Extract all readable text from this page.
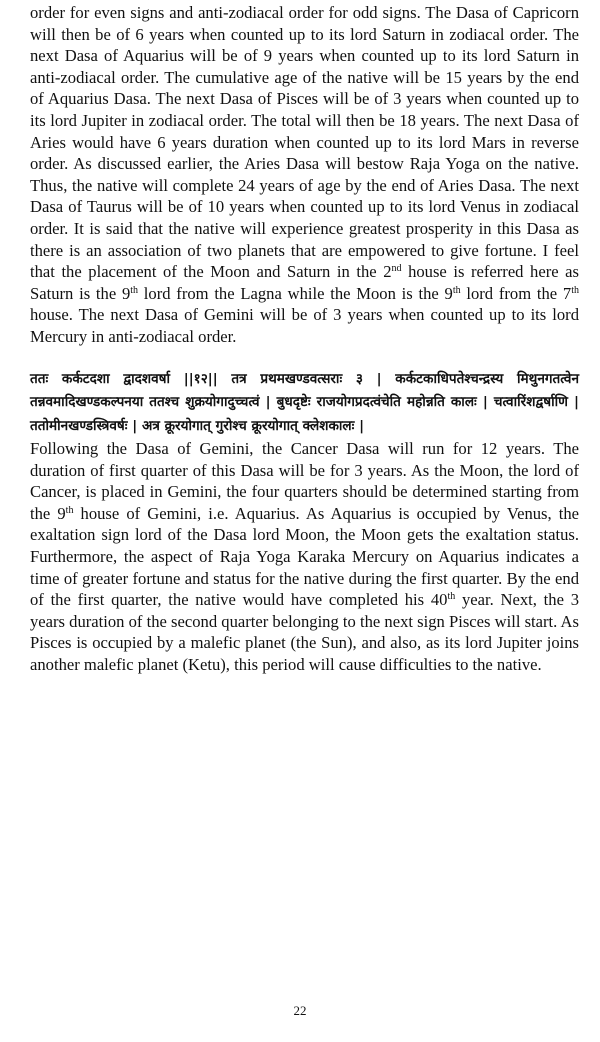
order for even signs and anti-zodiacal order for odd signs. The Dasa of Capricorn will then be of 6 years when counted up to its lord Saturn in zodiacal order. The next Dasa of Aquarius will be of 9 years when counted up to its lord Saturn in anti-zodiacal order. The cumulative age of the native will be 15 years by the end of Aquarius Dasa. The next Dasa of Pisces will be of 3 years when counted up to its lord Jupiter in zodiacal order. The total will then be 18 years. The next Dasa of Aries would have 6 years duration when counted up to its lord Mars in reverse order. As discussed earlier, the Aries Dasa will bestow Raja Yoga on the native. Thus, the native will complete 24 years of age by the end of Aries Dasa. The next Dasa of Taurus will be of 10 years when counted up to its lord Venus in zodiacal order. It is said that the native will experience greatest prosperity in this Dasa as there is an association of two planets that are empowered to give fortune. I feel that the placement of the Moon and Saturn in the 2nd house is referred here as Saturn is the 9th lord from the Lagna while the Moon is the 9th lord from the 7th house. The next Dasa of Gemini will be of 3 years when counted up to its lord Mercury in anti-zodiacal order.

ततः कर्कटदशा द्वादशवर्षा ||१२|| तत्र प्रथमखण्डवत्सराः ३ | कर्कटकाधिपतेश्चन्द्रस्य मिथुनगतत्वेन तन्नवमादिखण्डकल्पनया ततश्च शुक्रयोगादुच्चत्वं | बुधदृष्टेः राजयोगप्रदत्वंचेति महोन्नति कालः | चत्वारिंशद्वर्षाणि | ततोमीनखण्डस्त्रिवर्षः | अत्र क्रूरयोगात् गुरोश्च क्रूरयोगात् क्लेशकालः |

Following the Dasa of Gemini, the Cancer Dasa will run for 12 years. The duration of first quarter of this Dasa will be for 3 years. As the Moon, the lord of Cancer, is placed in Gemini, the four quarters should be determined starting from the 9th house of Gemini, i.e. Aquarius. As Aquarius is occupied by Venus, the exaltation sign lord of the Dasa lord Moon, the Moon gets the exaltation status. Furthermore, the aspect of Raja Yoga Karaka Mercury on Aquarius indicates a time of greater fortune and status for the native during the first quarter. By the end of the first quarter, the native would have completed his 40th year. Next, the 3 years duration of the second quarter belonging to the next sign Pisces will start. As Pisces is occupied by a malefic planet (the Sun), and also, as its lord Jupiter joins another malefic planet (Ketu), this period will cause difficulties to the native.

22
